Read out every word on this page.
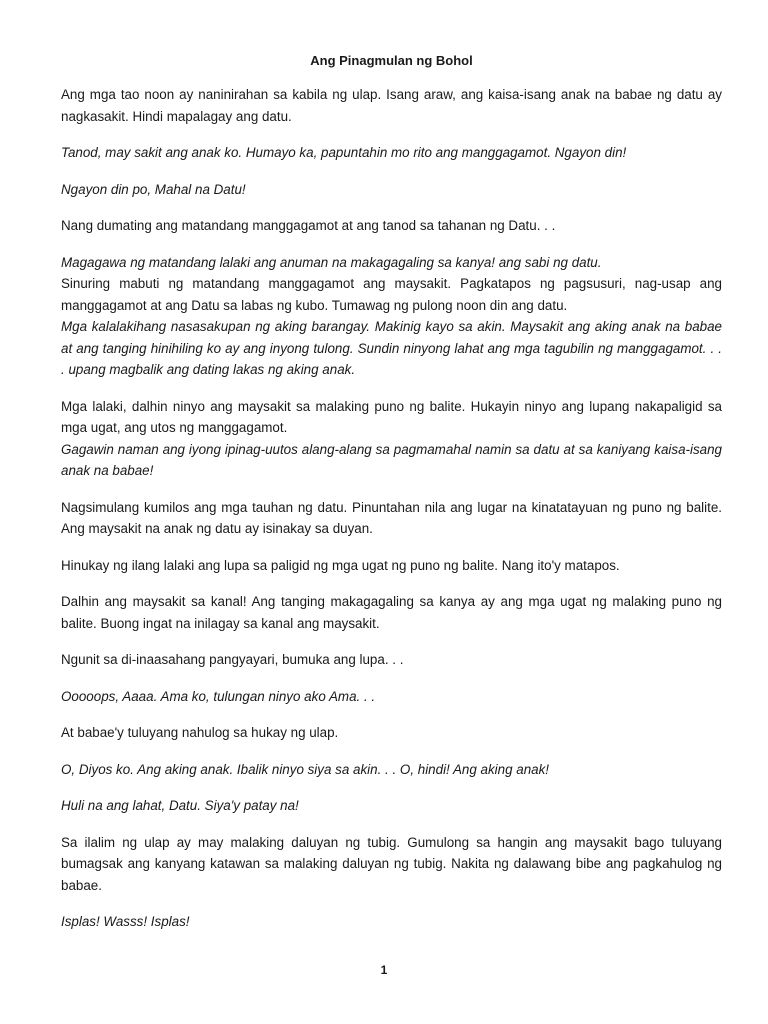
Ang Pinagmulan ng Bohol

Ang mga tao noon ay naninirahan sa kabila ng ulap. Isang araw, ang kaisa-isang anak na babae ng datu ay nagkasakit. Hindi mapalagay ang datu.

Tanod, may sakit ang anak ko. Humayo ka, papuntahin mo rito ang manggagamot. Ngayon din!

Ngayon din po, Mahal na Datu!

Nang dumating ang matandang manggagamot at ang tanod sa tahanan ng Datu. . .

Magagawa ng matandang lalaki ang anuman na makagagaling sa kanya! ang sabi ng datu.
Sinuring mabuti ng matandang manggagamot ang maysakit. Pagkatapos ng pagsusuri, nag-usap ang manggagamot at ang Datu sa labas ng kubo. Tumawag ng pulong noon din ang datu.
Mga kalalakihang nasasakupan ng aking barangay. Makinig kayo sa akin. Maysakit ang aking anak na babae at ang tanging hinihiling ko ay ang inyong tulong. Sundin ninyong lahat ang mga tagubilin ng manggagamot. . . . upang magbalik ang dating lakas ng aking anak.

Mga lalaki, dalhin ninyo ang maysakit sa malaking puno ng balite. Hukayin ninyo ang lupang nakapaligid sa mga ugat, ang utos ng manggagamot.
Gagawin naman ang iyong ipinag-uutos alang-alang sa pagmamahal namin sa datu at sa kaniyang kaisa-isang anak na babae!

Nagsimulang kumilos ang mga tauhan ng datu. Pinuntahan nila ang lugar na kinatatayuan ng puno ng balite. Ang maysakit na anak ng datu ay isinakay sa duyan.

Hinukay ng ilang lalaki ang lupa sa paligid ng mga ugat ng puno ng balite. Nang ito'y matapos.

Dalhin ang maysakit sa kanal! Ang tanging makagagaling sa kanya ay ang mga ugat ng malaking puno ng balite. Buong ingat na inilagay sa kanal ang maysakit.

Ngunit sa di-inaasahang pangyayari, bumuka ang lupa. . .

Ooooops, Aaaa. Ama ko, tulungan ninyo ako Ama. . .

At babae'y tuluyang nahulog sa hukay ng ulap.

O, Diyos ko. Ang aking anak. Ibalik ninyo siya sa akin. . . O, hindi! Ang aking anak!

Huli na ang lahat, Datu. Siya'y patay na!

Sa ilalim ng ulap ay may malaking daluyan ng tubig. Gumulong sa hangin ang maysakit bago tuluyang bumagsak ang kanyang katawan sa malaking daluyan ng tubig. Nakita ng dalawang bibe ang pagkahulog ng babae.

Isplas! Wasss! Isplas!

1
